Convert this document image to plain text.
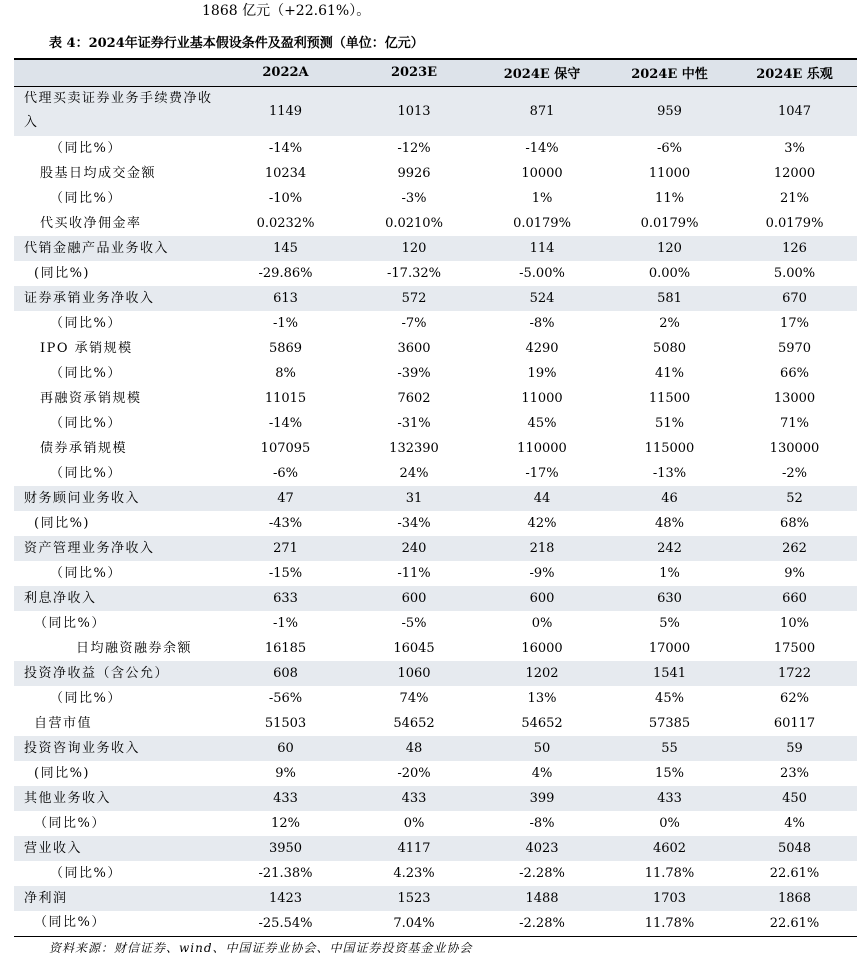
1868 亿元（+22.61%）。
表 4：2024年证券行业基本假设条件及盈利预测（单位：亿元）
	2022A	2023E	2024E 保守	2024E 中性	2024E 乐观
代理买卖证券业务手续费净收入	1149	1013	871	959	1047
（同比%）	-14%	-12%	-14%	-6%	3%
股基日均成交金额	10234	9926	10000	11000	12000
（同比%）	-10%	-3%	1%	11%	21%
代买收净佣金率	0.0232%	0.0210%	0.0179%	0.0179%	0.0179%
代销金融产品业务收入	145	120	114	120	126
(同比%)	-29.86%	-17.32%	-5.00%	0.00%	5.00%
证券承销业务净收入	613	572	524	581	670
（同比%）	-1%	-7%	-8%	2%	17%
IPO 承销规模	5869	3600	4290	5080	5970
（同比%）	8%	-39%	19%	41%	66%
再融资承销规模	11015	7602	11000	11500	13000
（同比%）	-14%	-31%	45%	51%	71%
债券承销规模	107095	132390	110000	115000	130000
（同比%）	-6%	24%	-17%	-13%	-2%
财务顾问业务收入	47	31	44	46	52
(同比%)	-43%	-34%	42%	48%	68%
资产管理业务净收入	271	240	218	242	262
（同比%）	-15%	-11%	-9%	1%	9%
利息净收入	633	600	600	630	660
（同比%）	-1%	-5%	0%	5%	10%
日均融资融券余额	16185	16045	16000	17000	17500
投资净收益（含公允）	608	1060	1202	1541	1722
（同比%）	-56%	74%	13%	45%	62%
自营市值	51503	54652	54652	57385	60117
投资咨询业务收入	60	48	50	55	59
(同比%)	9%	-20%	4%	15%	23%
其他业务收入	433	433	399	433	450
（同比%）	12%	0%	-8%	0%	4%
营业收入	3950	4117	4023	4602	5048
（同比%）	-21.38%	4.23%	-2.28%	11.78%	22.61%
净利润	1423	1523	1488	1703	1868
（同比%）	-25.54%	7.04%	-2.28%	11.78%	22.61%
资料来源：财信证券、wind、中国证券业协会、中国证券投资基金业协会
